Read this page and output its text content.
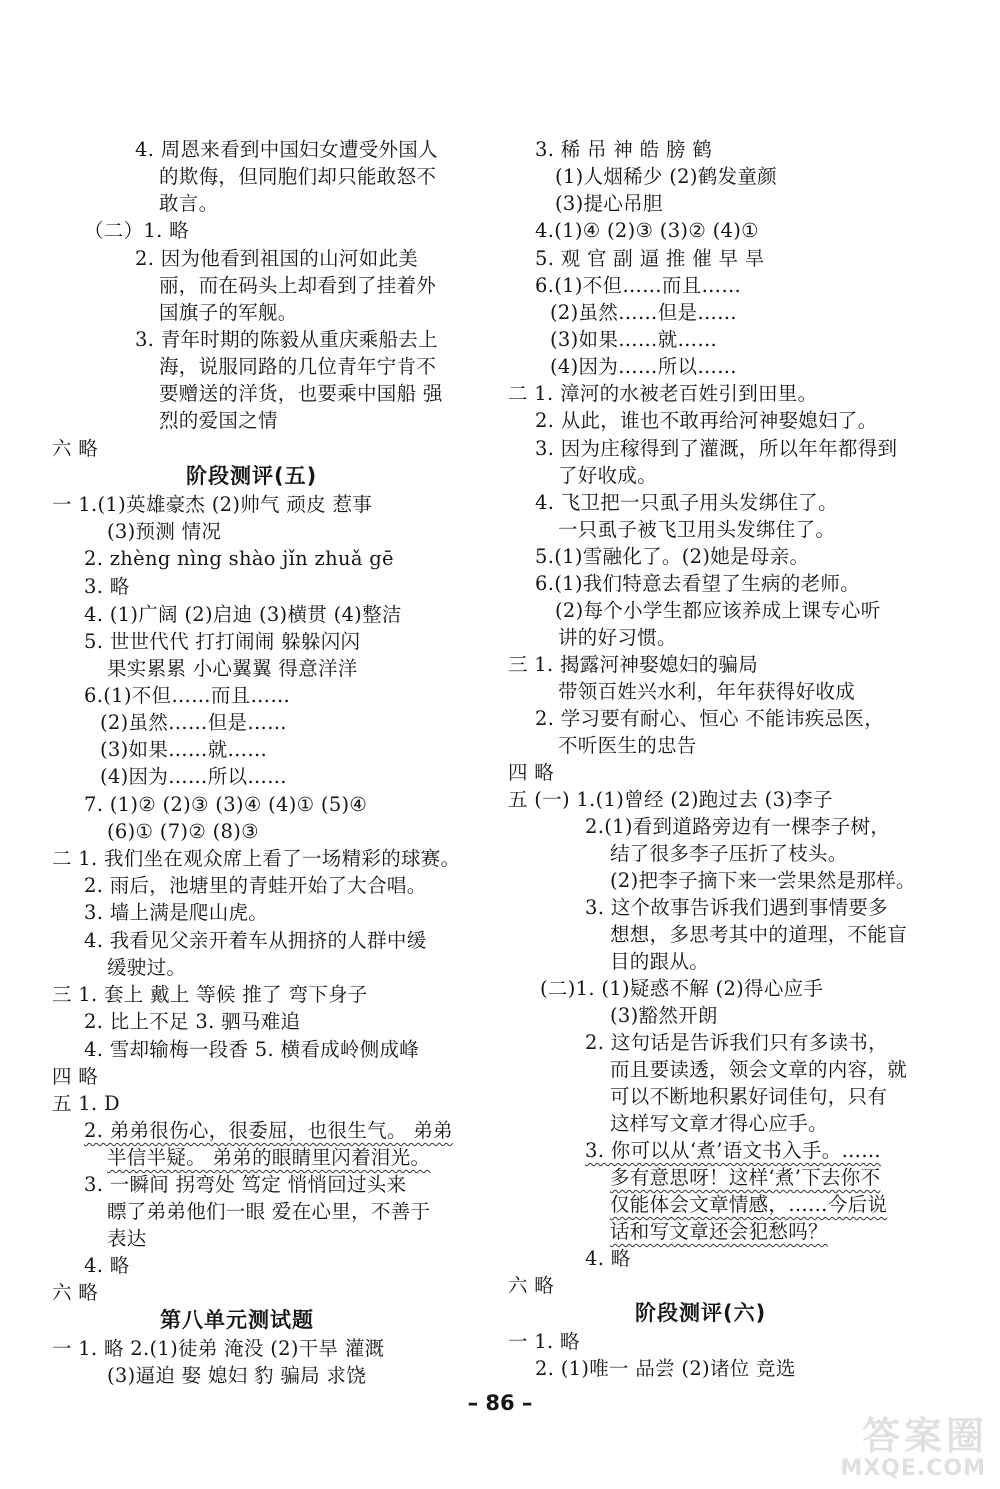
4. 周恩来看到中国妇女遭受外国人
的欺侮，但同胞们却只能敢怒不
敢言。
（二）1. 略
2. 因为他看到祖国的山河如此美
丽，而在码头上却看到了挂着外
国旗子的军舰。
3. 青年时期的陈毅从重庆乘船去上
海，说服同路的几位青年宁肯不
要赠送的洋货，也要乘中国船 强
烈的爱国之情
六 略
阶段测评(五)
一 1.(1)英雄豪杰 (2)帅气 顽皮 惹事
(3)预测 情况
2. zhèng nìng shào jǐn zhuǎ gē
3. 略
4. (1)广阔 (2)启迪 (3)横贯 (4)整洁
5. 世世代代 打打闹闹 躲躲闪闪
果实累累 小心翼翼 得意洋洋
6.(1)不但……而且……
(2)虽然……但是……
(3)如果……就……
(4)因为……所以……
7. (1)② (2)③ (3)④ (4)① (5)④
(6)① (7)② (8)③
二 1. 我们坐在观众席上看了一场精彩的球赛。
2. 雨后，池塘里的青蛙开始了大合唱。
3. 墙上满是爬山虎。
4. 我看见父亲开着车从拥挤的人群中缓
缓驶过。
三 1. 套上 戴上 等候 推了 弯下身子
2. 比上不足 3. 驷马难追
4. 雪却输梅一段香 5. 横看成岭侧成峰
四 略
五 1. D
2. 弟弟很伤心，很委屈，也很生气。 弟弟
半信半疑。 弟弟的眼睛里闪着泪光。
3. 一瞬间 拐弯处 笃定 悄悄回过头来
瞟了弟弟他们一眼 爱在心里，不善于
表达
4. 略
六 略
第八单元测试题
一 1. 略 2.(1)徒弟 淹没 (2)干旱 灌溉
(3)逼迫 娶 媳妇 豹 骗局 求饶
3. 稀 吊 神 皓 膀 鹤
(1)人烟稀少 (2)鹤发童颜
(3)提心吊胆
4.(1)④ (2)③ (3)② (4)①
5. 观 官 副 逼 推 催 早 旱
6.(1)不但……而且……
(2)虽然……但是……
(3)如果……就……
(4)因为……所以……
二 1. 漳河的水被老百姓引到田里。
2. 从此，谁也不敢再给河神娶媳妇了。
3. 因为庄稼得到了灌溉，所以年年都得到
了好收成。
4. 飞卫把一只虱子用头发绑住了。
一只虱子被飞卫用头发绑住了。
5.(1)雪融化了。(2)她是母亲。
6.(1)我们特意去看望了生病的老师。
(2)每个小学生都应该养成上课专心听
讲的好习惯。
三 1. 揭露河神娶媳妇的骗局
带领百姓兴水利，年年获得好收成
2. 学习要有耐心、恒心 不能讳疾忌医，
不听医生的忠告
四 略
五 (一) 1.(1)曾经 (2)跑过去 (3)李子
2.(1)看到道路旁边有一棵李子树，
结了很多李子压折了枝头。
(2)把李子摘下来一尝果然是那样。
3. 这个故事告诉我们遇到事情要多
想想，多思考其中的道理，不能盲
目的跟从。
(二)1. (1)疑惑不解 (2)得心应手
(3)豁然开朗
2. 这句话是告诉我们只有多读书，
而且要读透，领会文章的内容，就
可以不断地积累好词佳句，只有
这样写文章才得心应手。
3. 你可以从‘煮’语文书入手。……
多有意思呀！这样‘煮’下去你不
仅能体会文章情感，……今后说
话和写文章还会犯愁吗？
4. 略
六 略
阶段测评(六)
一 1. 略
2. (1)唯一 品尝 (2)诸位 竞选
– 86 –
答案圈
MXQE.COM
